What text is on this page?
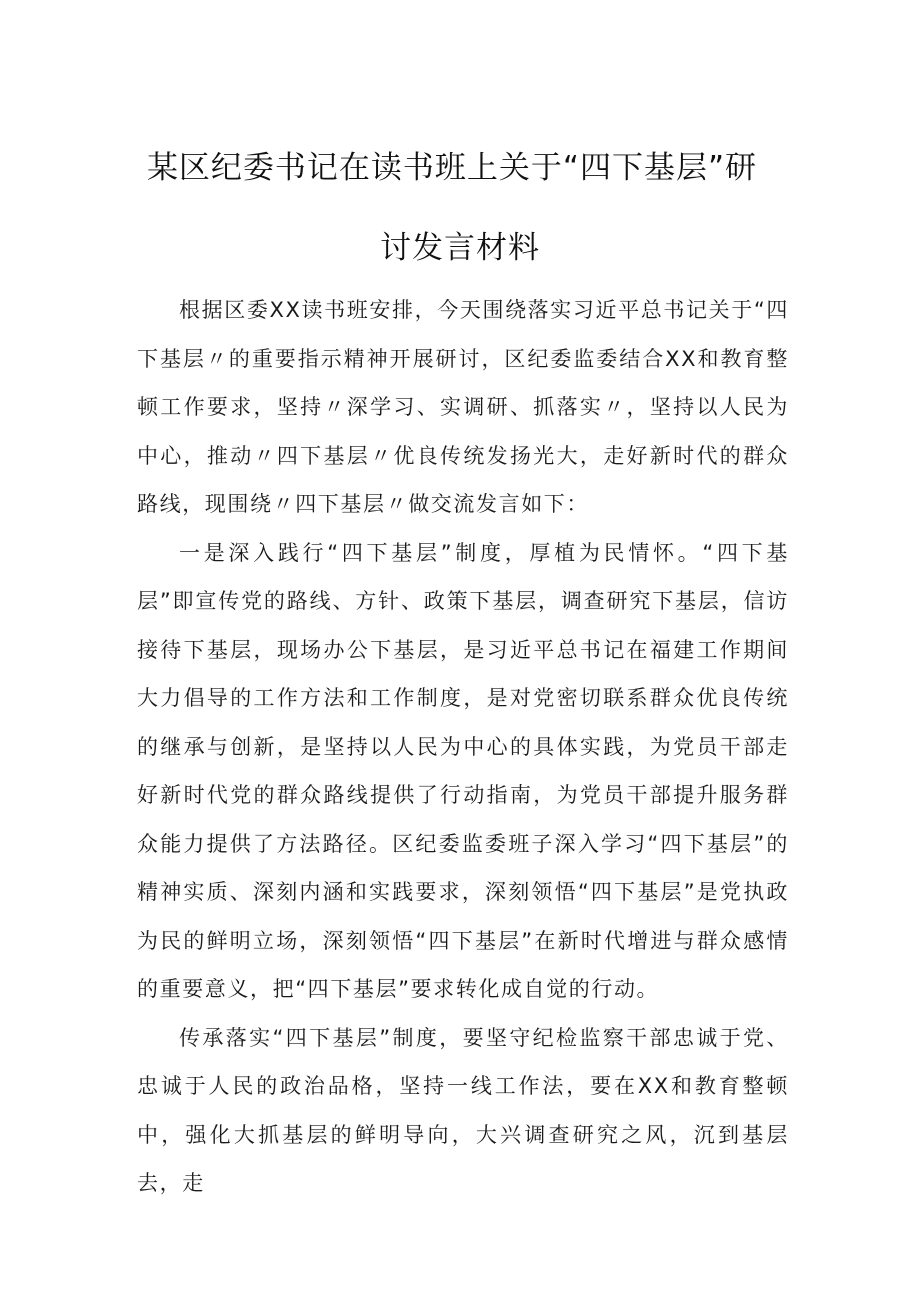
某区纪委书记在读书班上关于“四下基层”研
讨发言材料

根据区委XX读书班安排，今天围绕落实习近平总书记关于“四下基层〃的重要指示精神开展研讨，区纪委监委结合XX和教育整顿工作要求，坚持〃深学习、实调研、抓落实〃，坚持以人民为中心，推动〃四下基层〃优良传统发扬光大，走好新时代的群众路线，现围绕〃四下基层〃做交流发言如下：

一是深入践行“四下基层”制度，厚植为民情怀。“四下基层”即宣传党的路线、方针、政策下基层，调查研究下基层，信访接待下基层，现场办公下基层，是习近平总书记在福建工作期间大力倡导的工作方法和工作制度，是对党密切联系群众优良传统的继承与创新，是坚持以人民为中心的具体实践，为党员干部走好新时代党的群众路线提供了行动指南，为党员干部提升服务群众能力提供了方法路径。区纪委监委班子深入学习“四下基层”的精神实质、深刻内涵和实践要求，深刻领悟“四下基层”是党执政为民的鲜明立场，深刻领悟“四下基层”在新时代增进与群众感情的重要意义，把“四下基层”要求转化成自觉的行动。

传承落实“四下基层”制度，要坚守纪检监察干部忠诚于党、忠诚于人民的政治品格，坚持一线工作法，要在XX和教育整顿中，强化大抓基层的鲜明导向，大兴调查研究之风，沉到基层去，走
